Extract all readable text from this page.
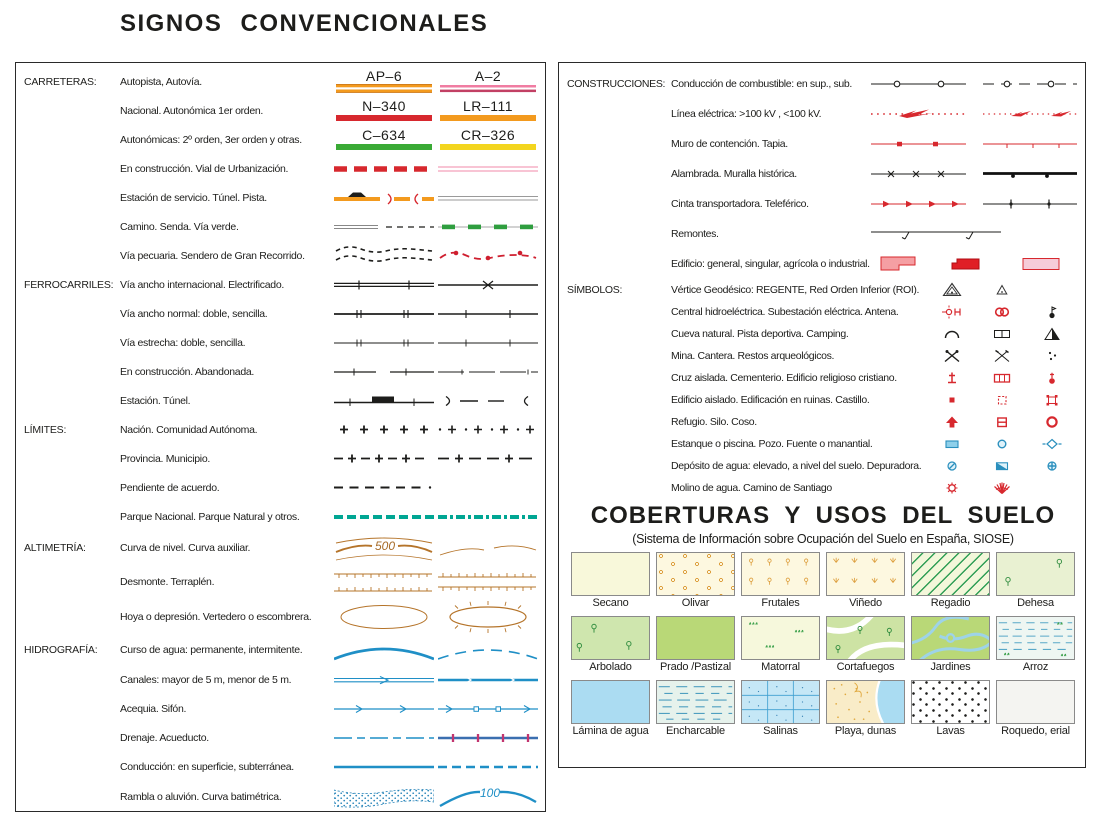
SIGNOS CONVENCIONALES
CARRETERAS:	Autopista, Autovía.	AP–6	A–2
Nacional. Autonómica 1er orden.	N–340	LR–111
Autonómicas: 2º orden, 3er orden y otras.	C–634	CR–326
En construcción. Vial de Urbanización.
Estación de servicio. Túnel. Pista.
Camino. Senda. Vía verde.
Vía pecuaria. Sendero de Gran Recorrido.
FERROCARRILES: Vía ancho internacional. Electrificado.
Vía ancho normal: doble, sencilla.
Vía estrecha: doble, sencilla.
En construcción. Abandonada.
Estación. Túnel.
LÍMITES:	Nación. Comunidad Autónoma.
Provincia. Municipio.
Pendiente de acuerdo.
Parque Nacional. Parque Natural y otros.
ALTIMETRÍA:	Curva de nivel. Curva auxiliar.	500
Desmonte. Terraplén.
Hoya o depresión. Vertedero o escombrera.
HIDROGRAFÍA:	Curso de agua: permanente, intermitente.
Canales: mayor de 5 m, menor de 5 m.
Acequia. Sifón.
Drenaje. Acueducto.
Conducción: en superficie, subterránea.
Rambla o aluvión. Curva batimétrica.	100
CONSTRUCCIONES: Conducción de combustible: en sup., sub.
Línea eléctrica: >100 kV , <100 kV.
Muro de contención. Tapia.
Alambrada. Muralla histórica.
Cinta transportadora. Teleférico.
Remontes.
Edificio: general, singular, agrícola o industrial.
SÍMBOLOS:	Vértice Geodésico: REGENTE, Red Orden Inferior (ROI).
Central hidroeléctrica. Subestación eléctrica. Antena.
Cueva natural. Pista deportiva. Camping.
Mina. Cantera. Restos arqueológicos.
Cruz aislada. Cementerio. Edificio religioso cristiano.
Edificio aislado. Edificación en ruinas. Castillo.
Refugio. Silo. Coso.
Estanque o piscina. Pozo. Fuente o manantial.
Depósito de agua: elevado, a nivel del suelo. Depuradora.
Molino de agua. Camino de Santiago
COBERTURAS Y USOS DEL SUELO
(Sistema de Información sobre Ocupación del Suelo en España, SIOSE)
Secano	Olivar	Frutales	Viñedo	Regadio	Dehesa
Arbolado	Prado /Pastizal	Matorral	Cortafuegos	Jardines	Arroz
Lámina de agua	Encharcable	Salinas	Playa, dunas	Lavas	Roquedo, erial
